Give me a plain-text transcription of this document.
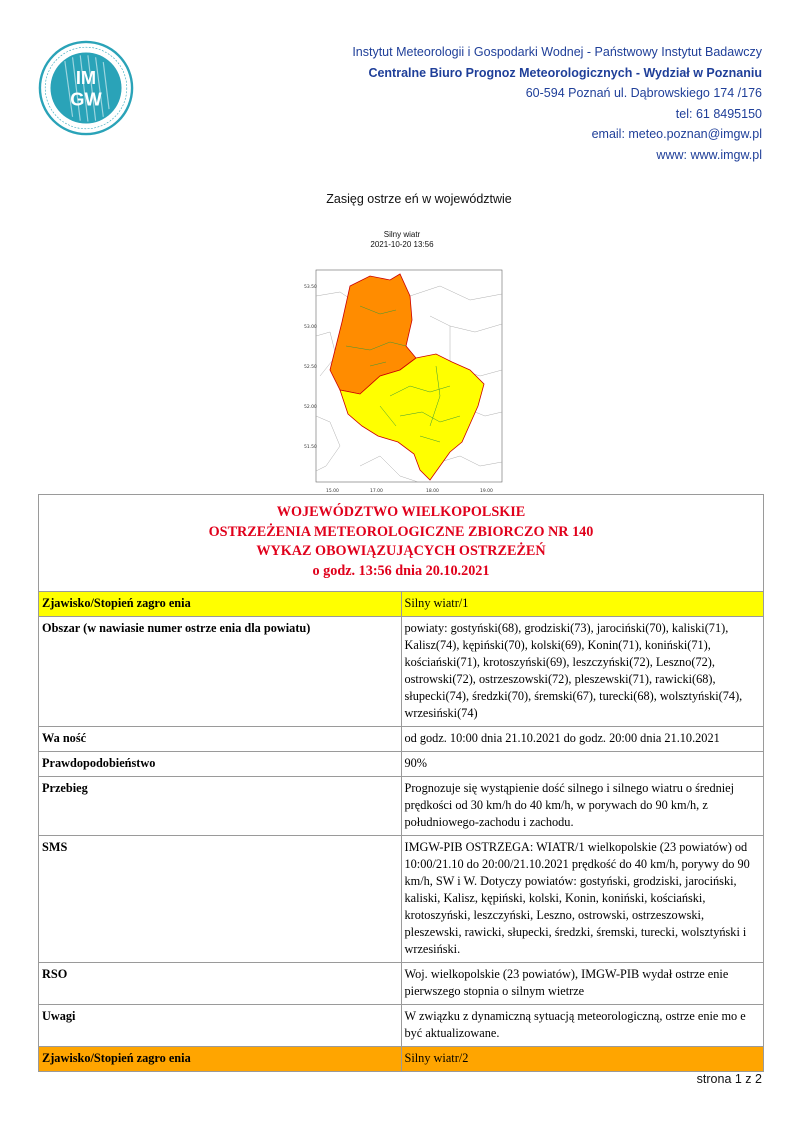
IM
GW
Instytut Meteorologii i Gospodarki Wodnej - Państwowy Instytut Badawczy
Centralne Biuro Prognoz Meteorologicznych - Wydział w Poznaniu
60-594 Poznań ul. Dąbrowskiego 174 /176
tel: 61 8495150
email: meteo.poznan@imgw.pl
www: www.imgw.pl
Zasięg ostrze eń w województwie
Silny wiatr
2021-10-20 13:56
53.50
53.00
52.50
52.00
51.50
15.00	17.00	18.00	19.00
WOJEWÓDZTWO WIELKOPOLSKIE
OSTRZEŻENIA METEOROLOGICZNE ZBIORCZO NR 140
WYKAZ OBOWIĄZUJĄCYCH OSTRZEŻEŃ
o godz. 13:56 dnia 20.10.2021	

Zjawisko/Stopień zagro enia	Silny wiatr/1
Obszar (w nawiasie numer ostrze enia dla powiatu)	powiaty: gostyński(68), grodziski(73), jarociński(70), kaliski(71), Kalisz(74), kępiński(70), kolski(69), Konin(71), koniński(71), kościański(71), krotoszyński(69), leszczyński(72), Leszno(72), ostrowski(72), ostrzeszowski(72), pleszewski(71), rawicki(68), słupecki(74), średzki(70), śremski(67), turecki(68), wolsztyński(74), wrzesiński(74)
Wa ność	od godz. 10:00 dnia 21.10.2021 do godz. 20:00 dnia 21.10.2021
Prawdopodobieństwo	90%
Przebieg	Prognozuje się wystąpienie dość silnego i silnego wiatru o średniej prędkości od 30 km/h do 40 km/h, w porywach do 90 km/h, z południowego-zachodu i zachodu.
SMS	IMGW-PIB OSTRZEGA: WIATR/1 wielkopolskie (23 powiatów) od 10:00/21.10 do 20:00/21.10.2021 prędkość do 40 km/h, porywy do 90 km/h, SW i W. Dotyczy powiatów: gostyński, grodziski, jarociński, kaliski, Kalisz, kępiński, kolski, Konin, koniński, kościański, krotoszyński, leszczyński, Leszno, ostrowski, ostrzeszowski, pleszewski, rawicki, słupecki, średzki, śremski, turecki, wolsztyński i wrzesiński.
RSO	Woj. wielkopolskie (23 powiatów), IMGW-PIB wydał ostrze enie pierwszego stopnia o silnym wietrze
Uwagi	W związku z dynamiczną sytuacją meteorologiczną, ostrze enie mo e być aktualizowane.
Zjawisko/Stopień zagro enia	Silny wiatr/2
strona 1 z 2
